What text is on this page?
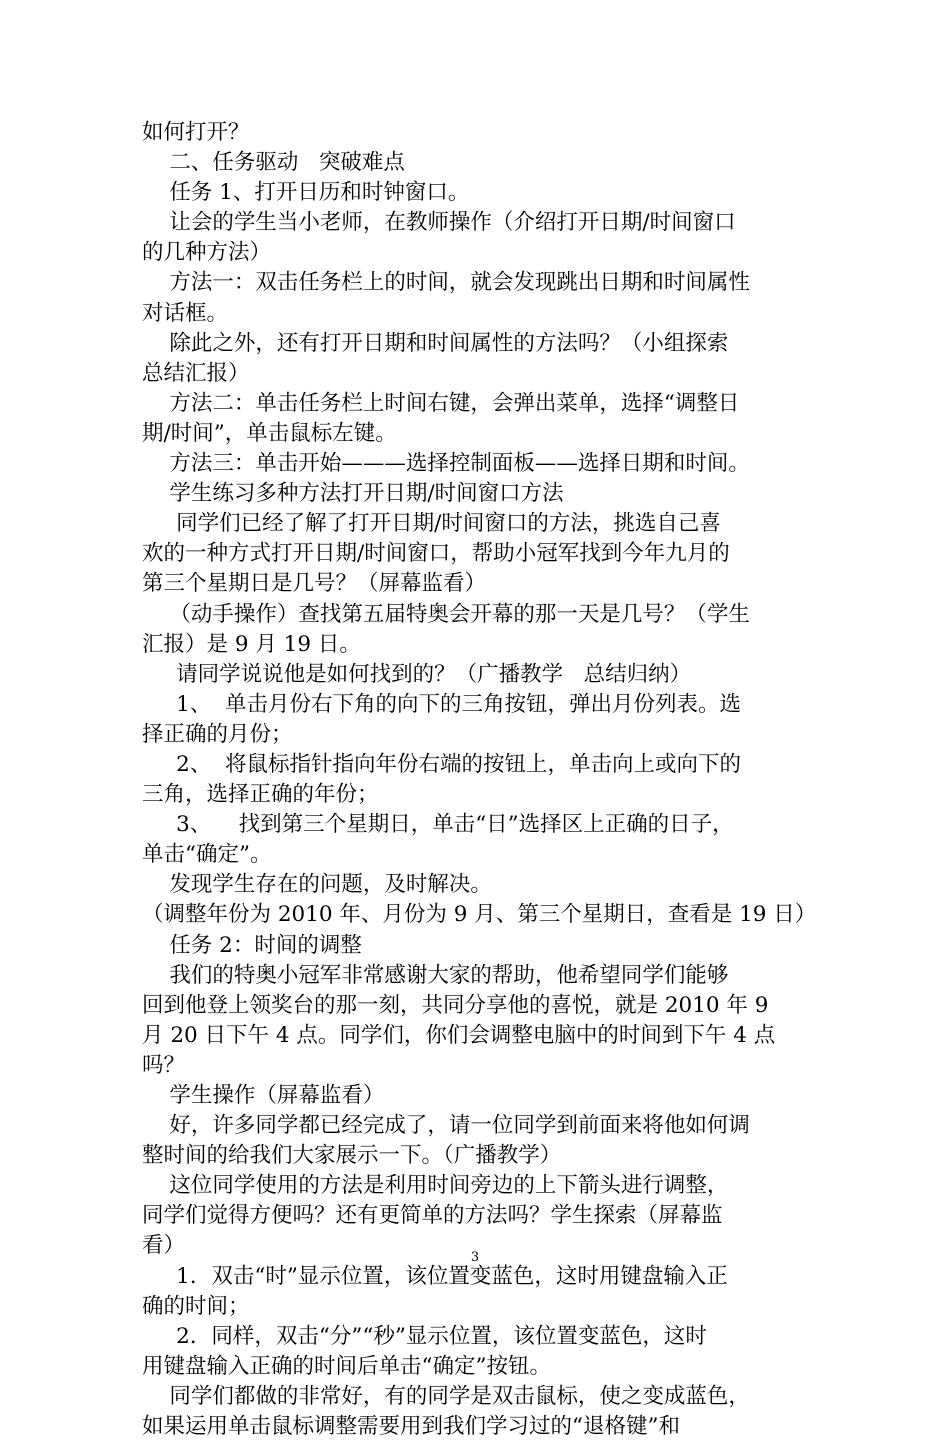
如何打开？
二、任务驱动   突破难点
任务 1、打开日历和时钟窗口。
让会的学生当小老师，在教师操作（介绍打开日期/时间窗口
的几种方法）
方法一：双击任务栏上的时间，就会发现跳出日期和时间属性
对话框。
除此之外，还有打开日期和时间属性的方法吗？（小组探索
总结汇报）
方法二：单击任务栏上时间右键，会弹出菜单，选择“调整日
期/时间”，单击鼠标左键。
方法三：单击开始———选择控制面板——选择日期和时间。
学生练习多种方法打开日期/时间窗口方法
同学们已经了解了打开日期/时间窗口的方法，挑选自己喜
欢的一种方式打开日期/时间窗口，帮助小冠军找到今年九月的
第三个星期日是几号？（屏幕监看）
（动手操作）查找第五届特奥会开幕的那一天是几号？（学生
汇报）是 9 月 19 日。
请同学说说他是如何找到的？（广播教学   总结归纳）
1、  单击月份右下角的向下的三角按钮，弹出月份列表。选
择正确的月份；
2、  将鼠标指针指向年份右端的按钮上，单击向上或向下的
三角，选择正确的年份；
3、    找到第三个星期日，单击“日”选择区上正确的日子，
单击“确定”。
发现学生存在的问题，及时解决。
（调整年份为 2010 年、月份为 9 月、第三个星期日，查看是 19 日）
任务 2：时间的调整
我们的特奥小冠军非常感谢大家的帮助，他希望同学们能够
回到他登上领奖台的那一刻，共同分享他的喜悦，就是 2010 年 9
月 20 日下午 4 点。同学们，你们会调整电脑中的时间到下午 4 点
吗？
学生操作（屏幕监看）
好，许多同学都已经完成了，请一位同学到前面来将他如何调
整时间的给我们大家展示一下。（广播教学）
这位同学使用的方法是利用时间旁边的上下箭头进行调整，
同学们觉得方便吗？还有更简单的方法吗？学生探索（屏幕监
看）
1．双击“时”显示位置，该位置变蓝色，这时用键盘输入正
确的时间；
2．同样，双击“分”“秒”显示位置，该位置变蓝色，这时
用键盘输入正确的时间后单击“确定”按钮。
同学们都做的非常好，有的同学是双击鼠标，使之变成蓝色，
如果运用单击鼠标调整需要用到我们学习过的“退格键”和
3
